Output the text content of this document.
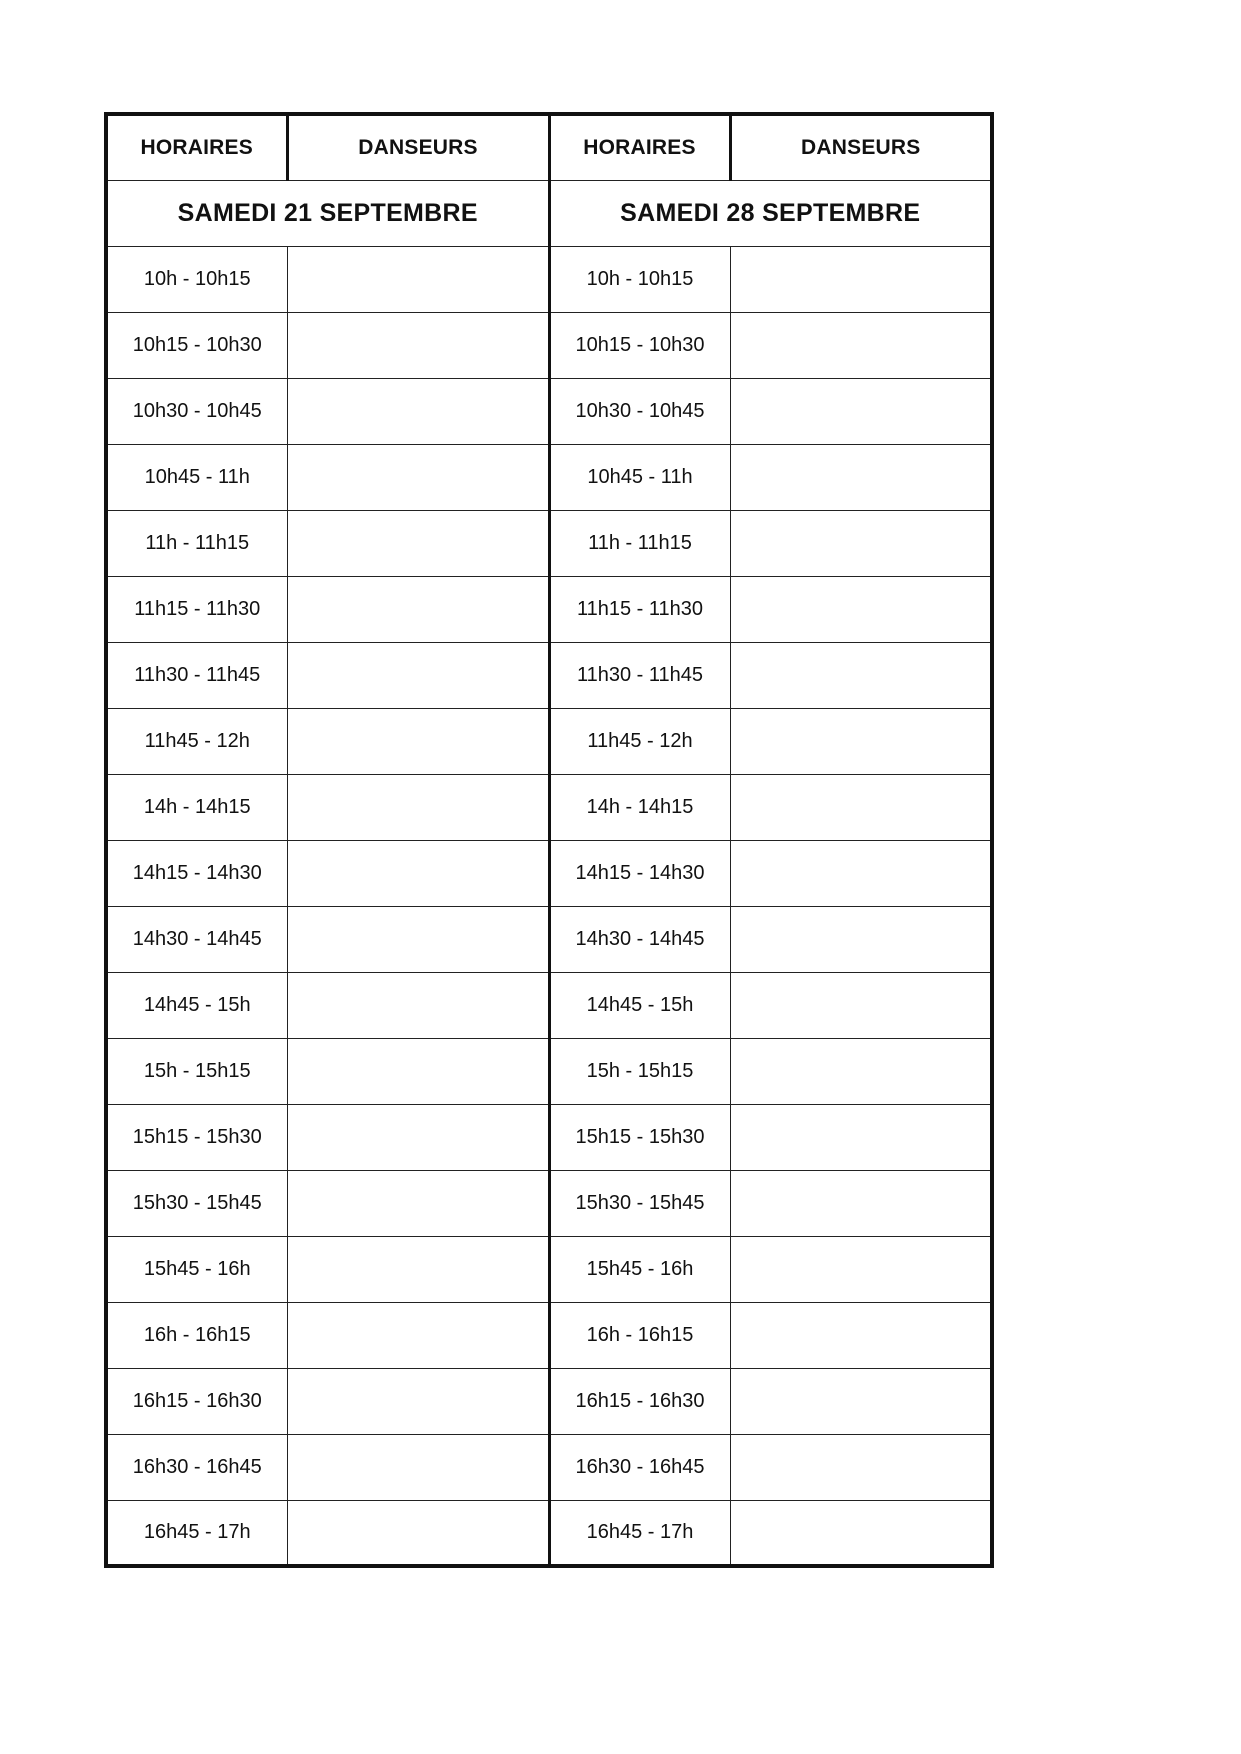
HORAIRES	DANSEURS	HORAIRES	DANSEURS
SAMEDI 21 SEPTEMBRE		SAMEDI 28 SEPTEMBRE	
10h - 10h15		10h - 10h15	
10h15 - 10h30		10h15 - 10h30	
10h30 - 10h45		10h30 - 10h45	
10h45 - 11h		10h45 - 11h	
11h - 11h15		11h - 11h15	
11h15 - 11h30		11h15 - 11h30	
11h30 - 11h45		11h30 - 11h45	
11h45 - 12h		11h45 - 12h	
14h - 14h15		14h - 14h15	
14h15 - 14h30		14h15 - 14h30	
14h30 - 14h45		14h30 - 14h45	
14h45 - 15h		14h45 - 15h	
15h - 15h15		15h - 15h15	
15h15 - 15h30		15h15 - 15h30	
15h30 - 15h45		15h30 - 15h45	
15h45 - 16h		15h45 - 16h	
16h - 16h15		16h - 16h15	
16h15 - 16h30		16h15 - 16h30	
16h30 - 16h45		16h30 - 16h45	
16h45 - 17h		16h45 - 17h	
